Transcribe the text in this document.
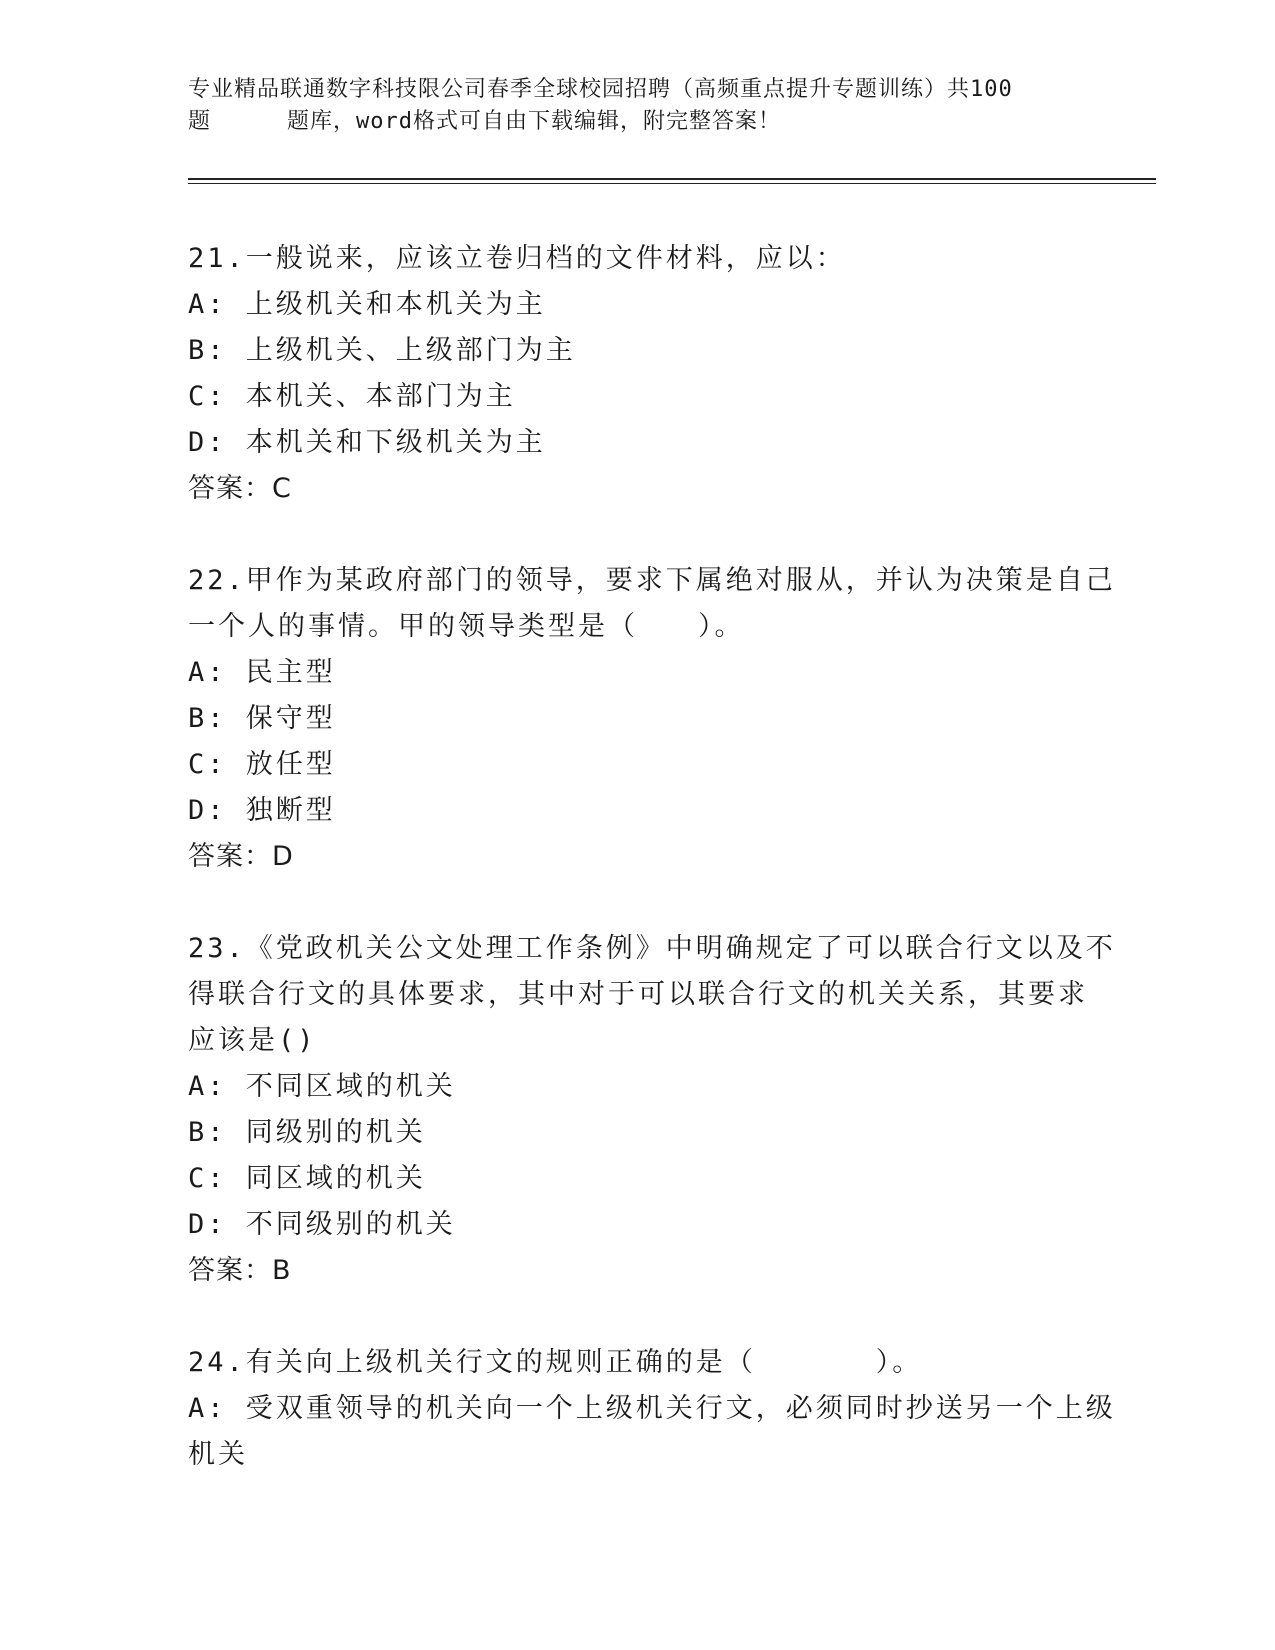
专业精品联通数字科技限公司春季全球校园招聘（高频重点提升专题训练）共100
题	题库，word格式可自由下载编辑，附完整答案！
21.一般说来，应该立卷归档的文件材料，应以：
A: 上级机关和本机关为主
B: 上级机关、上级部门为主
C: 本机关、本部门为主
D: 本机关和下级机关为主
答案：C
22.甲作为某政府部门的领导，要求下属绝对服从，并认为决策是自己
一个人的事情。甲的领导类型是（　　）。
A: 民主型
B: 保守型
C: 放任型
D: 独断型
答案：D
23.《党政机关公文处理工作条例》中明确规定了可以联合行文以及不
得联合行文的具体要求，其中对于可以联合行文的机关关系，其要求
应该是()
A: 不同区域的机关
B: 同级别的机关
C: 同区域的机关
D: 不同级别的机关
答案：B
24.有关向上级机关行文的规则正确的是（　　　　）。
A: 受双重领导的机关向一个上级机关行文，必须同时抄送另一个上级
机关
